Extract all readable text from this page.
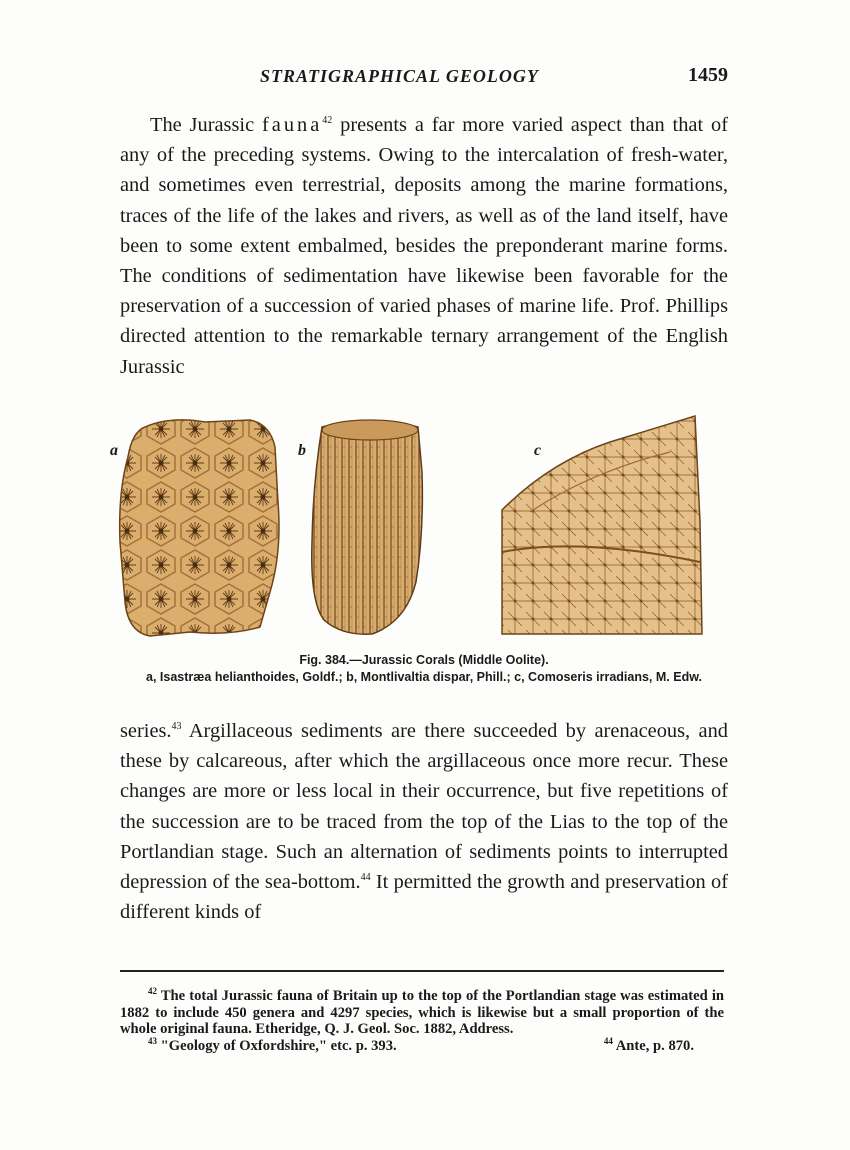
STRATIGRAPHICAL GEOLOGY	1459

The Jurassic fauna$^{42}$ presents a far more varied aspect than that of any of the preceding systems. Owing to the intercalation of fresh-water, and sometimes even terrestrial, deposits among the marine formations, traces of the life of the lakes and rivers, as well as of the land itself, have been to some extent embalmed, besides the preponderant marine forms. The conditions of sedimentation have likewise been favorable for the preservation of a succession of varied phases of marine life. Prof. Phillips directed attention to the remarkable ternary arrangement of the English Jurassic

a	b	c
Fig. 384.—Jurassic Corals (Middle Oolite).
a, Isastræa helianthoides, Goldf.; b, Montlivaltia dispar, Phill.; c, Comoseris irradians, M. Edw.

series.$^{43}$ Argillaceous sediments are there succeeded by arenaceous, and these by calcareous, after which the argillaceous once more recur. These changes are more or less local in their occurrence, but five repetitions of the succession are to be traced from the top of the Lias to the top of the Portlandian stage. Such an alternation of sediments points to interrupted depression of the sea-bottom.$^{44}$ It permitted the growth and preservation of different kinds of

$^{42}$ The total Jurassic fauna of Britain up to the top of the Portlandian stage was estimated in 1882 to include 450 genera and 4297 species, which is likewise but a small proportion of the whole original fauna. Etheridge, Q. J. Geol. Soc. 1882, Address.

$^{43}$ "Geology of Oxfordshire," etc. p. 393.	$^{44}$ Ante, p. 870.
